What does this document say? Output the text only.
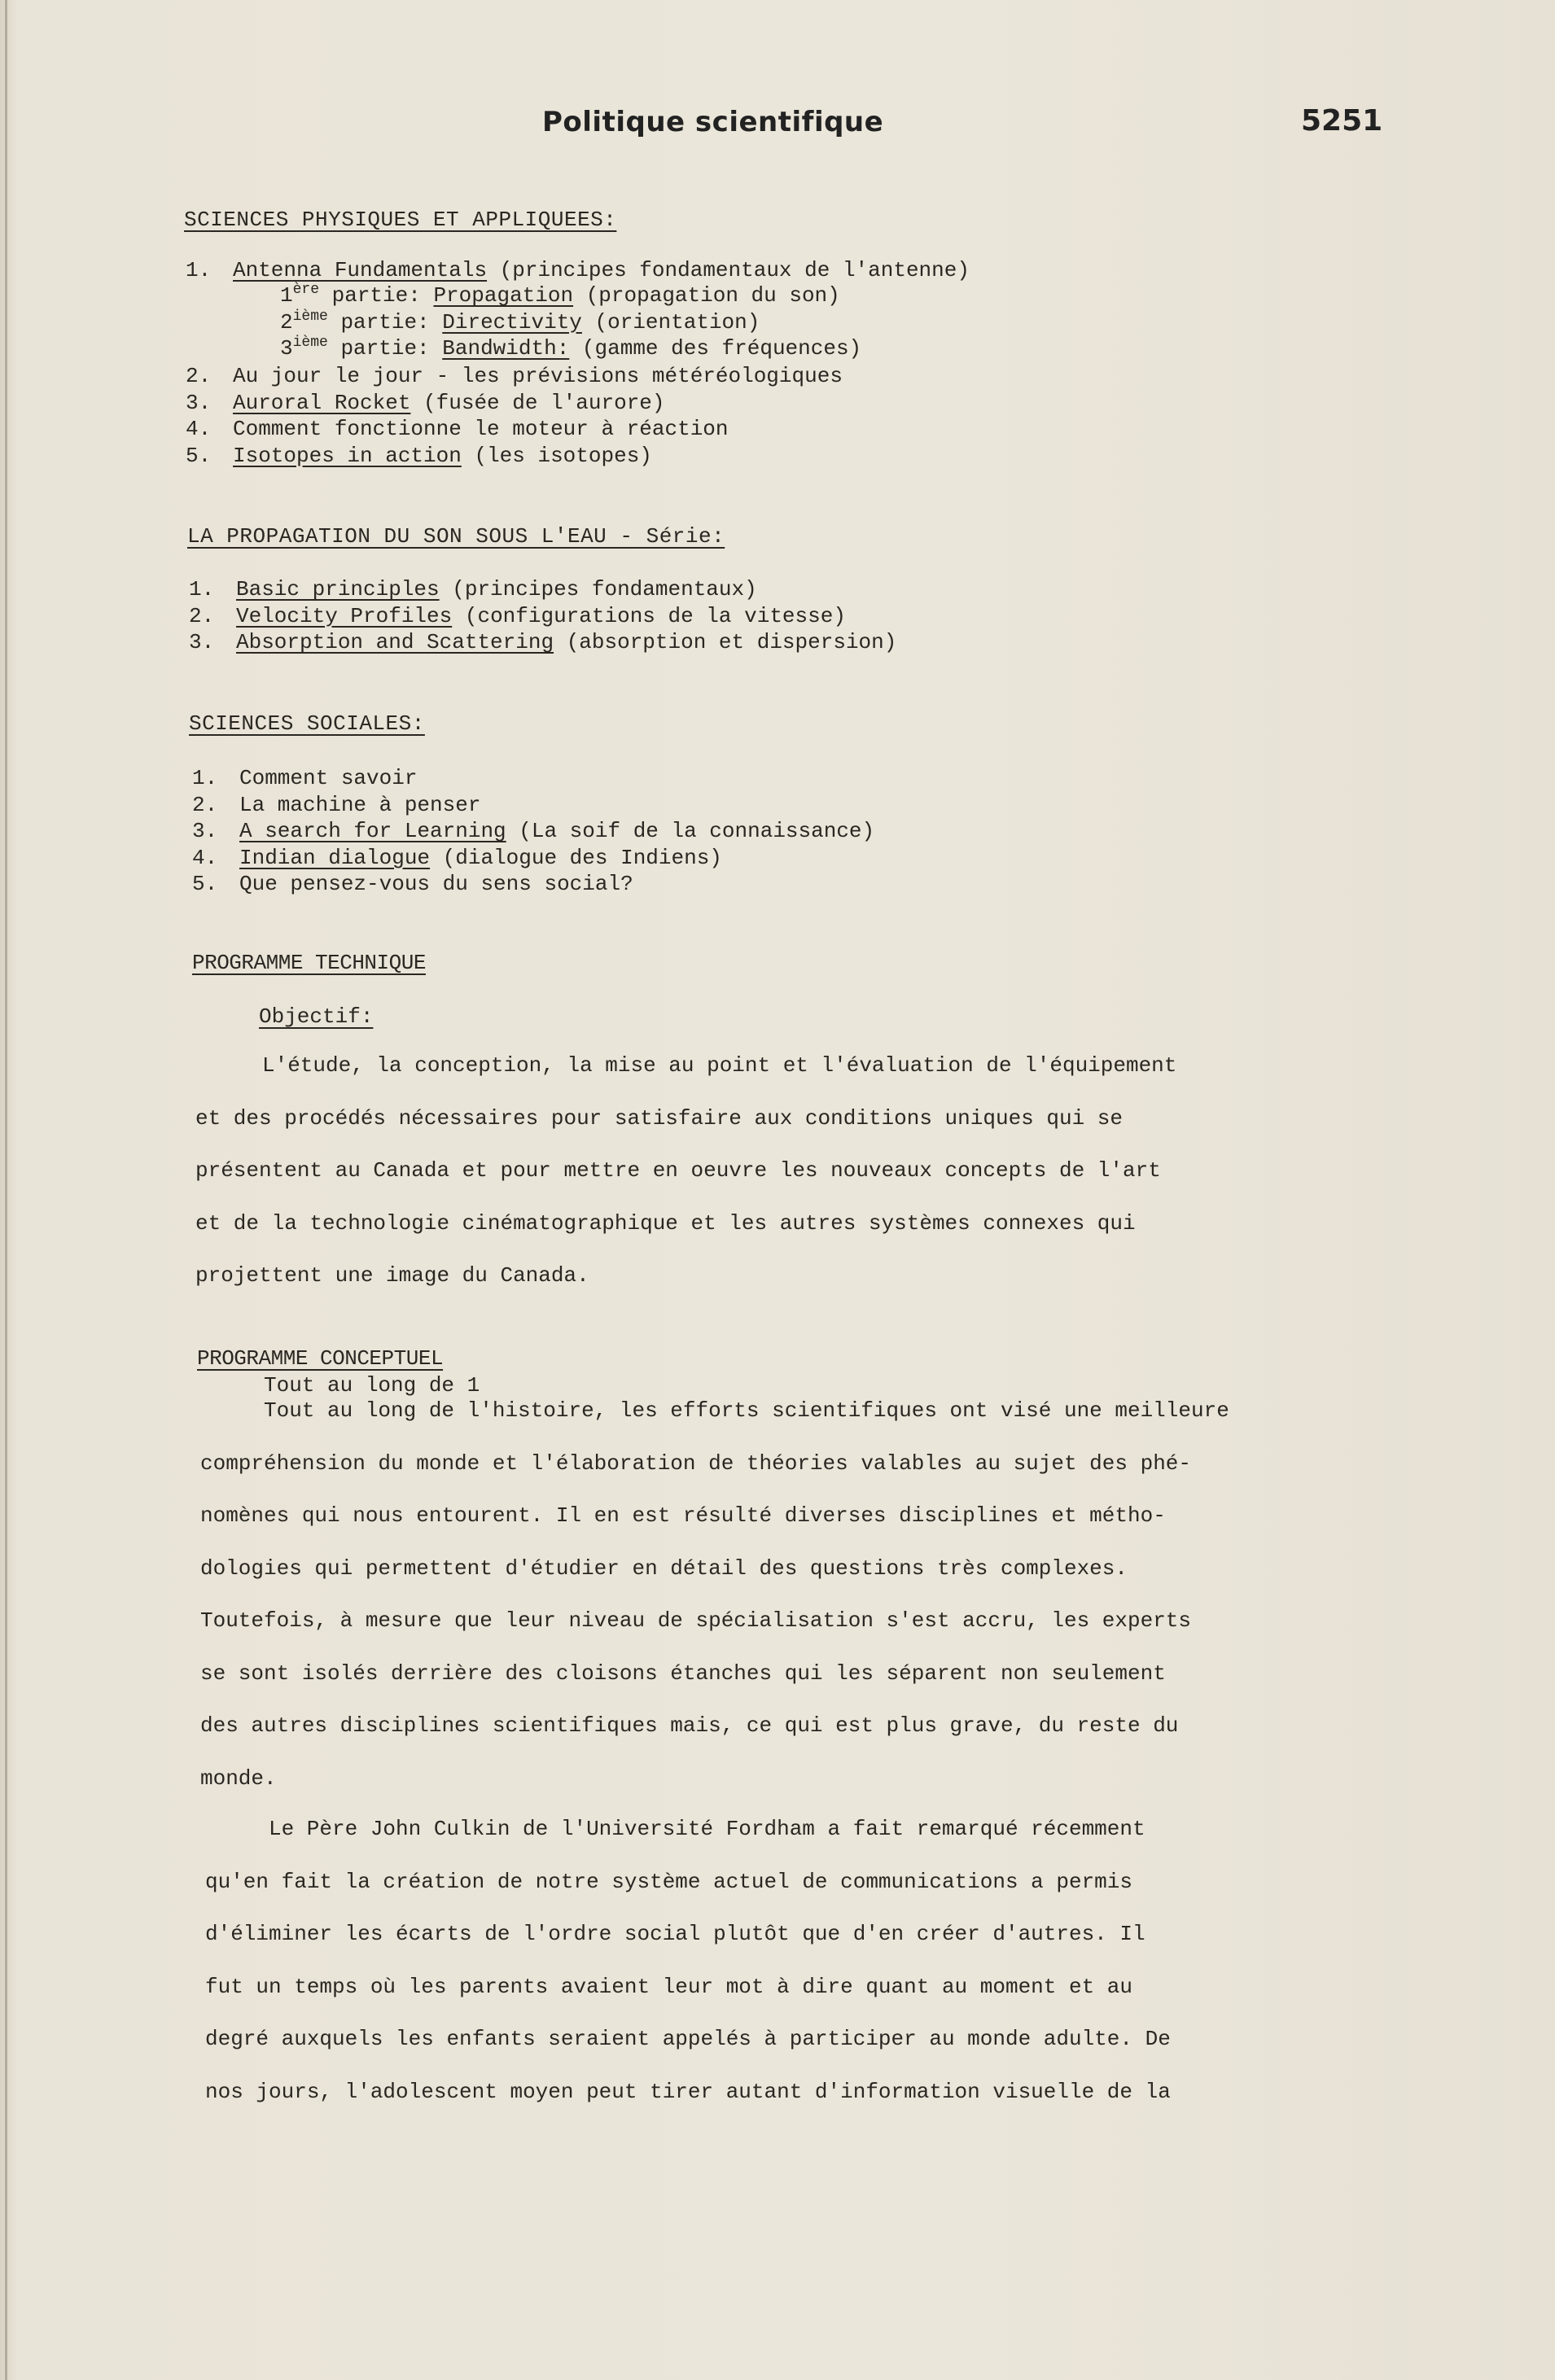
Politique scientifique	5251
SCIENCES PHYSIQUES ET APPLIQUEES:
1. Antenna Fundamentals (principes fondamentaux de l'antenne)
1ère partie: Propagation (propagation du son)
2ième partie: Directivity (orientation)
3ième partie: Bandwidth: (gamme des fréquences)
2. Au jour le jour - les prévisions météréologiques
3. Auroral Rocket (fusée de l'aurore)
4. Comment fonctionne le moteur à réaction
5. Isotopes in action (les isotopes)
LA PROPAGATION DU SON SOUS L'EAU - Série:
1. Basic principles (principes fondamentaux)
2. Velocity Profiles (configurations de la vitesse)
3. Absorption and Scattering (absorption et dispersion)
SCIENCES SOCIALES:
1. Comment savoir
2. La machine à penser
3. A search for Learning (La soif de la connaissance)
4. Indian dialogue (dialogue des Indiens)
5. Que pensez-vous du sens social?
PROGRAMME TECHNIQUE
Objectif:
L'étude, la conception, la mise au point et l'évaluation de l'équipement
et des procédés nécessaires pour satisfaire aux conditions uniques qui se
présentent au Canada et pour mettre en oeuvre les nouveaux concepts de l'art
et de la technologie cinématographique et les autres systèmes connexes qui
projettent une image du Canada.
PROGRAMME CONCEPTUEL
Tout au long de 1
Tout au long de l'histoire, les efforts scientifiques ont visé une meilleure
compréhension du monde et l'élaboration de théories valables au sujet des phé-
nomènes qui nous entourent. Il en est résulté diverses disciplines et métho-
dologies qui permettent d'étudier en détail des questions très complexes.
Toutefois, à mesure que leur niveau de spécialisation s'est accru, les experts
se sont isolés derrière des cloisons étanches qui les séparent non seulement
des autres disciplines scientifiques mais, ce qui est plus grave, du reste du
monde.
Le Père John Culkin de l'Université Fordham a fait remarqué récemment
qu'en fait la création de notre système actuel de communications a permis
d'éliminer les écarts de l'ordre social plutôt que d'en créer d'autres. Il
fut un temps où les parents avaient leur mot à dire quant au moment et au
degré auxquels les enfants seraient appelés à participer au monde adulte. De
nos jours, l'adolescent moyen peut tirer autant d'information visuelle de la
